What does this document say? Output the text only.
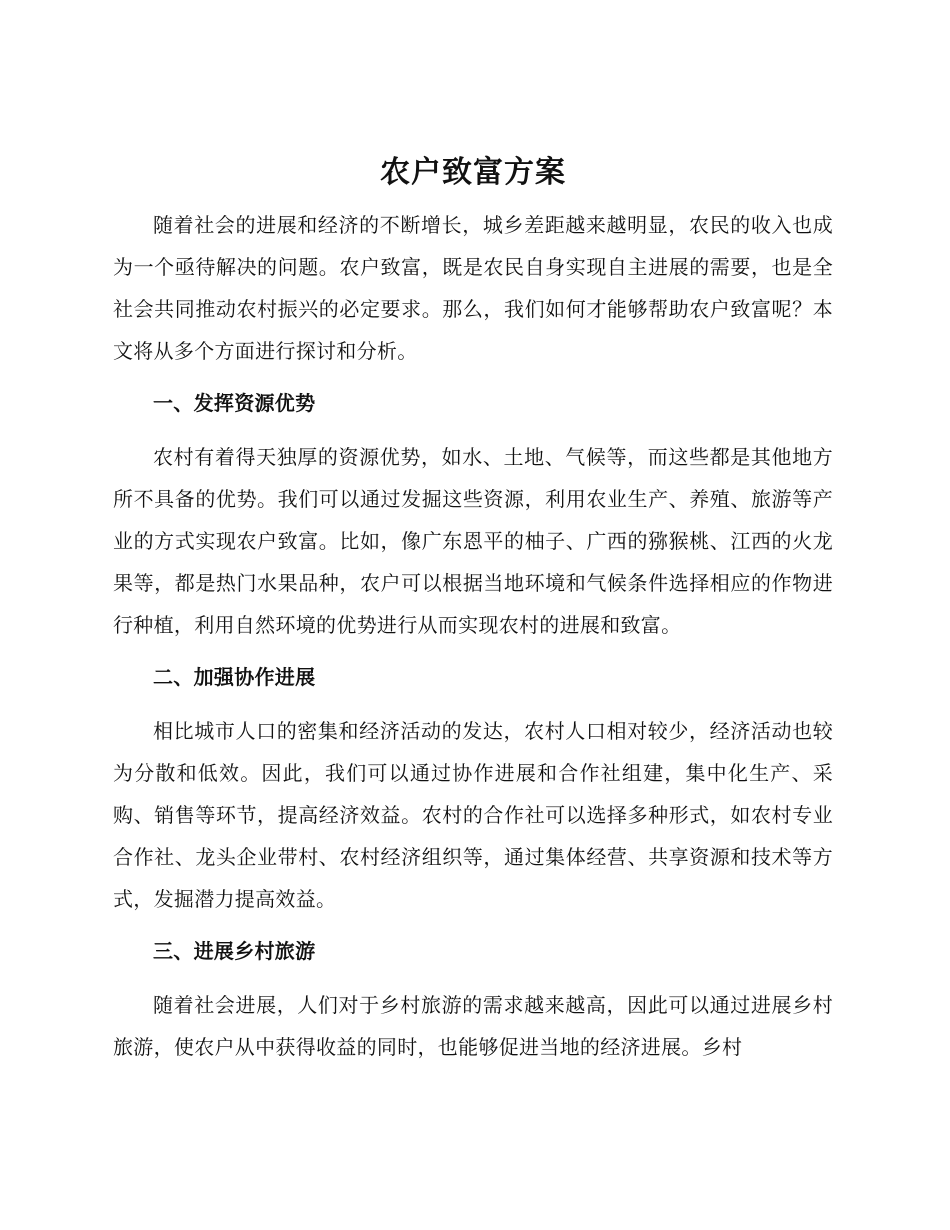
农户致富方案

随着社会的进展和经济的不断增长，城乡差距越来越明显，农民的收入也成为一个亟待解决的问题。农户致富，既是农民自身实现自主进展的需要，也是全社会共同推动农村振兴的必定要求。那么，我们如何才能够帮助农户致富呢？本文将从多个方面进行探讨和分析。

一、发挥资源优势

农村有着得天独厚的资源优势，如水、土地、气候等，而这些都是其他地方所不具备的优势。我们可以通过发掘这些资源，利用农业生产、养殖、旅游等产业的方式实现农户致富。比如，像广东恩平的柚子、广西的猕猴桃、江西的火龙果等，都是热门水果品种，农户可以根据当地环境和气候条件选择相应的作物进行种植，利用自然环境的优势进行从而实现农村的进展和致富。

二、加强协作进展

相比城市人口的密集和经济活动的发达，农村人口相对较少，经济活动也较为分散和低效。因此，我们可以通过协作进展和合作社组建，集中化生产、采购、销售等环节，提高经济效益。农村的合作社可以选择多种形式，如农村专业合作社、龙头企业带村、农村经济组织等，通过集体经营、共享资源和技术等方式，发掘潜力提高效益。

三、进展乡村旅游

随着社会进展，人们对于乡村旅游的需求越来越高，因此可以通过进展乡村旅游，使农户从中获得收益的同时，也能够促进当地的经济进展。乡村
